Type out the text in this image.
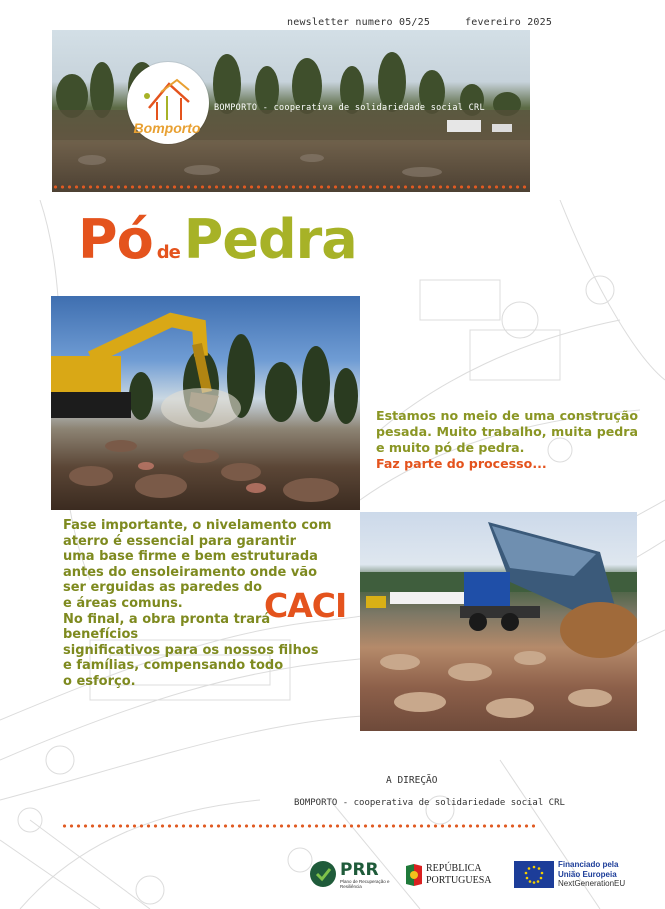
newsletter numero 05/25	fevereiro 2025
Bomporto
BOMPORTO - cooperativa de solidariedade social CRL
Pó dePedra
Estamos no meio de uma construção pesada. Muito trabalho, muita pedra e muito pó de pedra.
Faz parte do processo...
Fase importante, o nivelamento com
aterro é essencial para garantir
uma base firme e bem estruturada
antes do ensoleiramento onde vão
ser erguidas as paredes do
e áreas comuns.
No final, a obra pronta trará benefícios
significativos para os nossos filhos
e famílias, compensando todo
o esforço.
CACI
A DIREÇÃO
BOMPORTO - cooperativa de solidariedade social CRL
PRR
Plano de Recuperação e Resiliência
REPÚBLICA
PORTUGUESA
Financiado pela
União Europeia
NextGenerationEU
